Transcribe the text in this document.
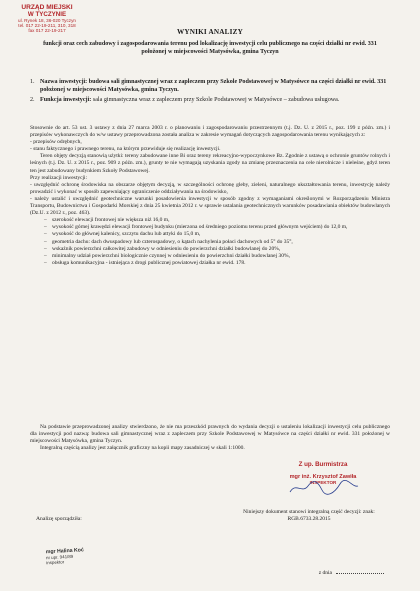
URZĄD MIEJSKI
W TYCZYNIE
ul. Rynek 18, 36-020 Tyczyn
tel. 017 22-19-211, 310, 318
fax 017 22-19-217	WYNIKI ANALIZY
funkcji oraz cech zabudowy i zagospodarowania terenu pod lokalizację inwestycji celu publicznego na części działki nr ewid. 331 położonej w miejscowości Matysówka, gmina Tyczyn
1. Nazwa inwestycji: budowa sali gimnastycznej wraz z zapleczem przy Szkole Podstawowej w Matysówce na części działki nr ewid. 331 położonej w miejscowości Matysówka, gmina Tyczyn.
2. Funkcja inwestycji: sala gimnastyczna wraz z zapleczem przy Szkole Podstawowej w Matysówce – zabudowa usługowa.

Stosownie do art. 53 ust. 3 ustawy z dnia 27 marca 2003 r. o planowaniu i zagospodarowaniu przestrzennym (t.j. Dz. U. z 2015 r., poz. 199 z późn. zm.) i przepisów wykonawczych do w/w ustawy przeprowadzona została analiza w zakresie wymagań dotyczących zagospodarowania terenu wynikających z:

- przepisów odrębnych,

- stanu faktycznego i prawnego terenu, na którym przewiduje się realizację inwestycji.

Teren objęty decyzją stanowią użytki: tereny zabudowane inne Bi oraz tereny rekreacyjno-wypoczynkowe Bz. Zgodnie z ustawą o ochronie gruntów rolnych i leśnych (t.j. Dz. U. z 2015 r., poz. 909 z późn. zm.), grunty te nie wymagają uzyskania zgody na zmianę przeznaczenia na cele nierolnicze i nieleśne, gdyż teren ten jest zabudowany budynkiem Szkoły Podstawowej.

Przy realizacji inwestycji:

- uwzględnić ochronę środowiska na obszarze objętym decyzją, w szczególności ochronę gleby, zieleni, naturalnego ukształtowania terenu, inwestycję należy prowadzić i wykonać w sposób zapewniający ograniczenie oddziaływania na środowisko,

- należy ustalić i uwzględnić geotechniczne warunki posadowienia inwestycji w sposób zgodny z wymaganiami określonymi w Rozporządzeniu Ministra Transportu, Budownictwa i Gospodarki Morskiej z dnia 25 kwietnia 2012 r. w sprawie ustalania geotechnicznych warunków posadawiania obiektów budowlanych (Dz.U. z 2012 r., poz. 463).

– szerokość elewacji frontowej nie większa niż 16,0 m,
– wysokość górnej krawędzi elewacji frontowej budynku (mierzona od średniego poziomu terenu przed głównym wejściem) do 12,0 m,
– wysokość do głównej kalenicy, szczytu dachu lub attyki do 15,0 m,
– geometria dachu: dach dwuspadowy lub czterospadowy, o kątach nachylenia połaci dachowych od 5° do 35°,
– wskaźnik powierzchni całkowitej zabudowy w odniesieniu do powierzchni działki budowlanej do 20%,
– minimalny udział powierzchni biologicznie czynnej w odniesieniu do powierzchni działki budowlanej 30%,
– obsługa komunikacyjna - istniejąca z drogi publicznej powiatowej działka nr ewid. 178.

Na podstawie przeprowadzonej analizy stwierdzono, że nie ma przeszkód prawnych do wydania decyzji o ustaleniu lokalizacji inwestycji celu publicznego dla inwestycji pod nazwą: budowa sali gimnastycznej wraz z zapleczem przy Szkole Podstawowej w Matysówce na części działki nr ewid. 331 położonej w miejscowości Matysówka, gmina Tyczyn.

Integralną częścią analizy jest załącznik graficzny na kopii mapy zasadniczej w skali 1:1000.

Z up. Burmistrza
mgr inż. Krzysztof Zawiła
INSPEKTOR
Analizę sporządziła:
Niniejszy dokument stanowi integralną część decyzji: znak: RGB.6733.28.2015
z dnia
mgr Halina Koć
nr upr. 941/89
inspektor
